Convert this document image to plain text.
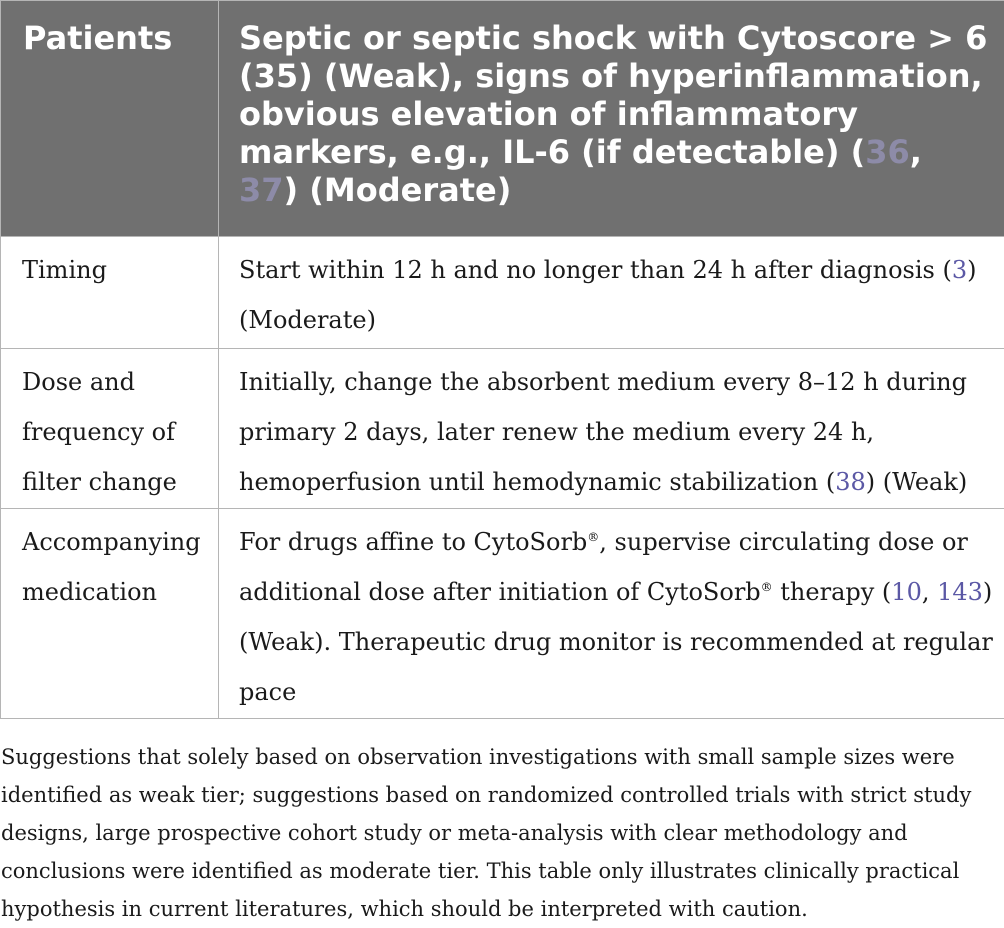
Patients	Septic or septic shock with Cytoscore > 6 (35) (Weak), signs of hyperinflammation, obvious elevation of inflammatory markers, e.g., IL-6 (if detectable) (36, 37) (Moderate)
Timing	Start within 12 h and no longer than 24 h after diagnosis (3) (Moderate)
Dose and frequency of filter change	Initially, change the absorbent medium every 8–12 h during primary 2 days, later renew the medium every 24 h, hemoperfusion until hemodynamic stabilization (38) (Weak)
Accompanying medication	For drugs affine to CytoSorb®, supervise circulating dose or additional dose after initiation of CytoSorb® therapy (10, 143) (Weak). Therapeutic drug monitor is recommended at regular pace

Suggestions that solely based on observation investigations with small sample sizes were identified as weak tier; suggestions based on randomized controlled trials with strict study designs, large prospective cohort study or meta-analysis with clear methodology and conclusions were identified as moderate tier. This table only illustrates clinically practical hypothesis in current literatures, which should be interpreted with caution.
